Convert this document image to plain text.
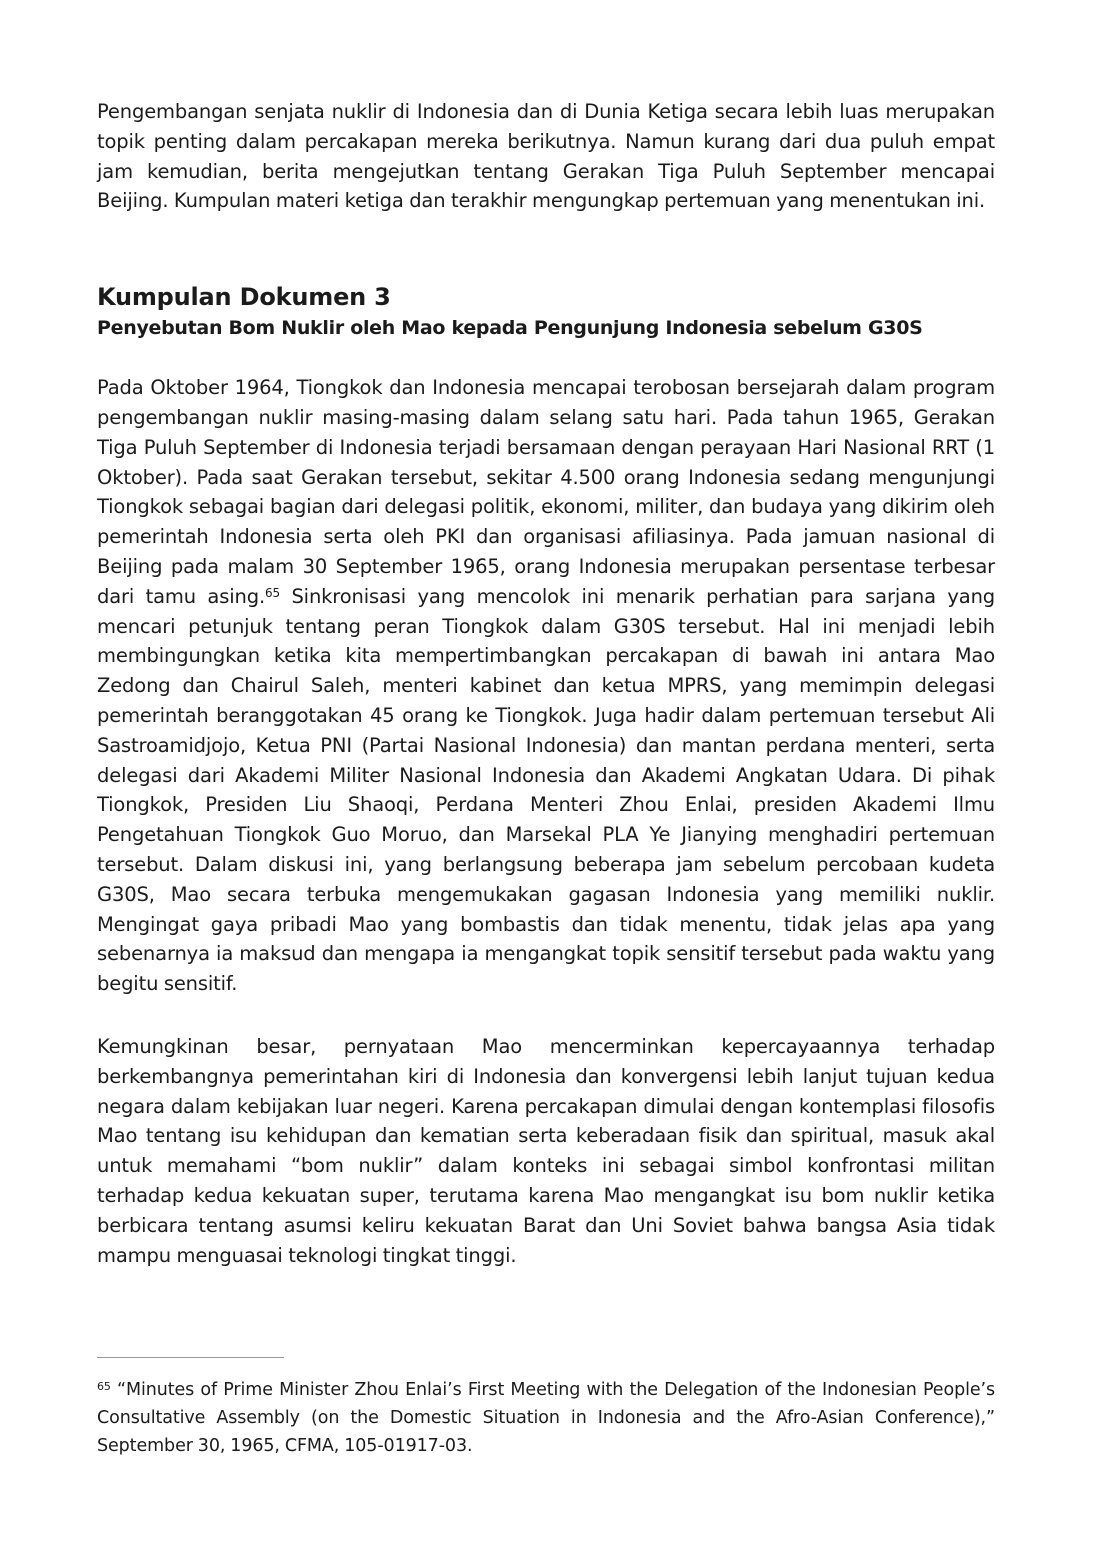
Pengembangan senjata nuklir di Indonesia dan di Dunia Ketiga secara lebih luas merupakan topik penting dalam percakapan mereka berikutnya. Namun kurang dari dua puluh empat jam kemudian, berita mengejutkan tentang Gerakan Tiga Puluh September mencapai Beijing. Kumpulan materi ketiga dan terakhir mengungkap pertemuan yang menentukan ini.

Kumpulan Dokumen 3
Penyebutan Bom Nuklir oleh Mao kepada Pengunjung Indonesia sebelum G30S

Pada Oktober 1964, Tiongkok dan Indonesia mencapai terobosan bersejarah dalam program pengembangan nuklir masing-masing dalam selang satu hari. Pada tahun 1965, Gerakan Tiga Puluh September di Indonesia terjadi bersamaan dengan perayaan Hari Nasional RRT (1 Oktober). Pada saat Gerakan tersebut, sekitar 4.500 orang Indonesia sedang mengunjungi Tiongkok sebagai bagian dari delegasi politik, ekonomi, militer, dan budaya yang dikirim oleh pemerintah Indonesia serta oleh PKI dan organisasi afiliasinya. Pada jamuan nasional di Beijing pada malam 30 September 1965, orang Indonesia merupakan persentase terbesar dari tamu asing.$^{65}$ Sinkronisasi yang mencolok ini menarik perhatian para sarjana yang mencari petunjuk tentang peran Tiongkok dalam G30S tersebut. Hal ini menjadi lebih membingungkan ketika kita mempertimbangkan percakapan di bawah ini antara Mao Zedong dan Chairul Saleh, menteri kabinet dan ketua MPRS, yang memimpin delegasi pemerintah beranggotakan 45 orang ke Tiongkok. Juga hadir dalam pertemuan tersebut Ali Sastroamidjojo, Ketua PNI (Partai Nasional Indonesia) dan mantan perdana menteri, serta delegasi dari Akademi Militer Nasional Indonesia dan Akademi Angkatan Udara. Di pihak Tiongkok, Presiden Liu Shaoqi, Perdana Menteri Zhou Enlai, presiden Akademi Ilmu Pengetahuan Tiongkok Guo Moruo, dan Marsekal PLA Ye Jianying menghadiri pertemuan tersebut. Dalam diskusi ini, yang berlangsung beberapa jam sebelum percobaan kudeta G30S, Mao secara terbuka mengemukakan gagasan Indonesia yang memiliki nuklir. Mengingat gaya pribadi Mao yang bombastis dan tidak menentu, tidak jelas apa yang sebenarnya ia maksud dan mengapa ia mengangkat topik sensitif tersebut pada waktu yang begitu sensitif.

Kemungkinan besar, pernyataan Mao mencerminkan kepercayaannya terhadap berkembangnya pemerintahan kiri di Indonesia dan konvergensi lebih lanjut tujuan kedua negara dalam kebijakan luar negeri. Karena percakapan dimulai dengan kontemplasi filosofis Mao tentang isu kehidupan dan kematian serta keberadaan fisik dan spiritual, masuk akal untuk memahami “bom nuklir” dalam konteks ini sebagai simbol konfrontasi militan terhadap kedua kekuatan super, terutama karena Mao mengangkat isu bom nuklir ketika berbicara tentang asumsi keliru kekuatan Barat dan Uni Soviet bahwa bangsa Asia tidak mampu menguasai teknologi tingkat tinggi.

$^{65}$ “Minutes of Prime Minister Zhou Enlai’s First Meeting with the Delegation of the Indonesian People’s Consultative Assembly (on the Domestic Situation in Indonesia and the Afro-Asian Conference),” September 30, 1965, CFMA, 105-01917-03.
